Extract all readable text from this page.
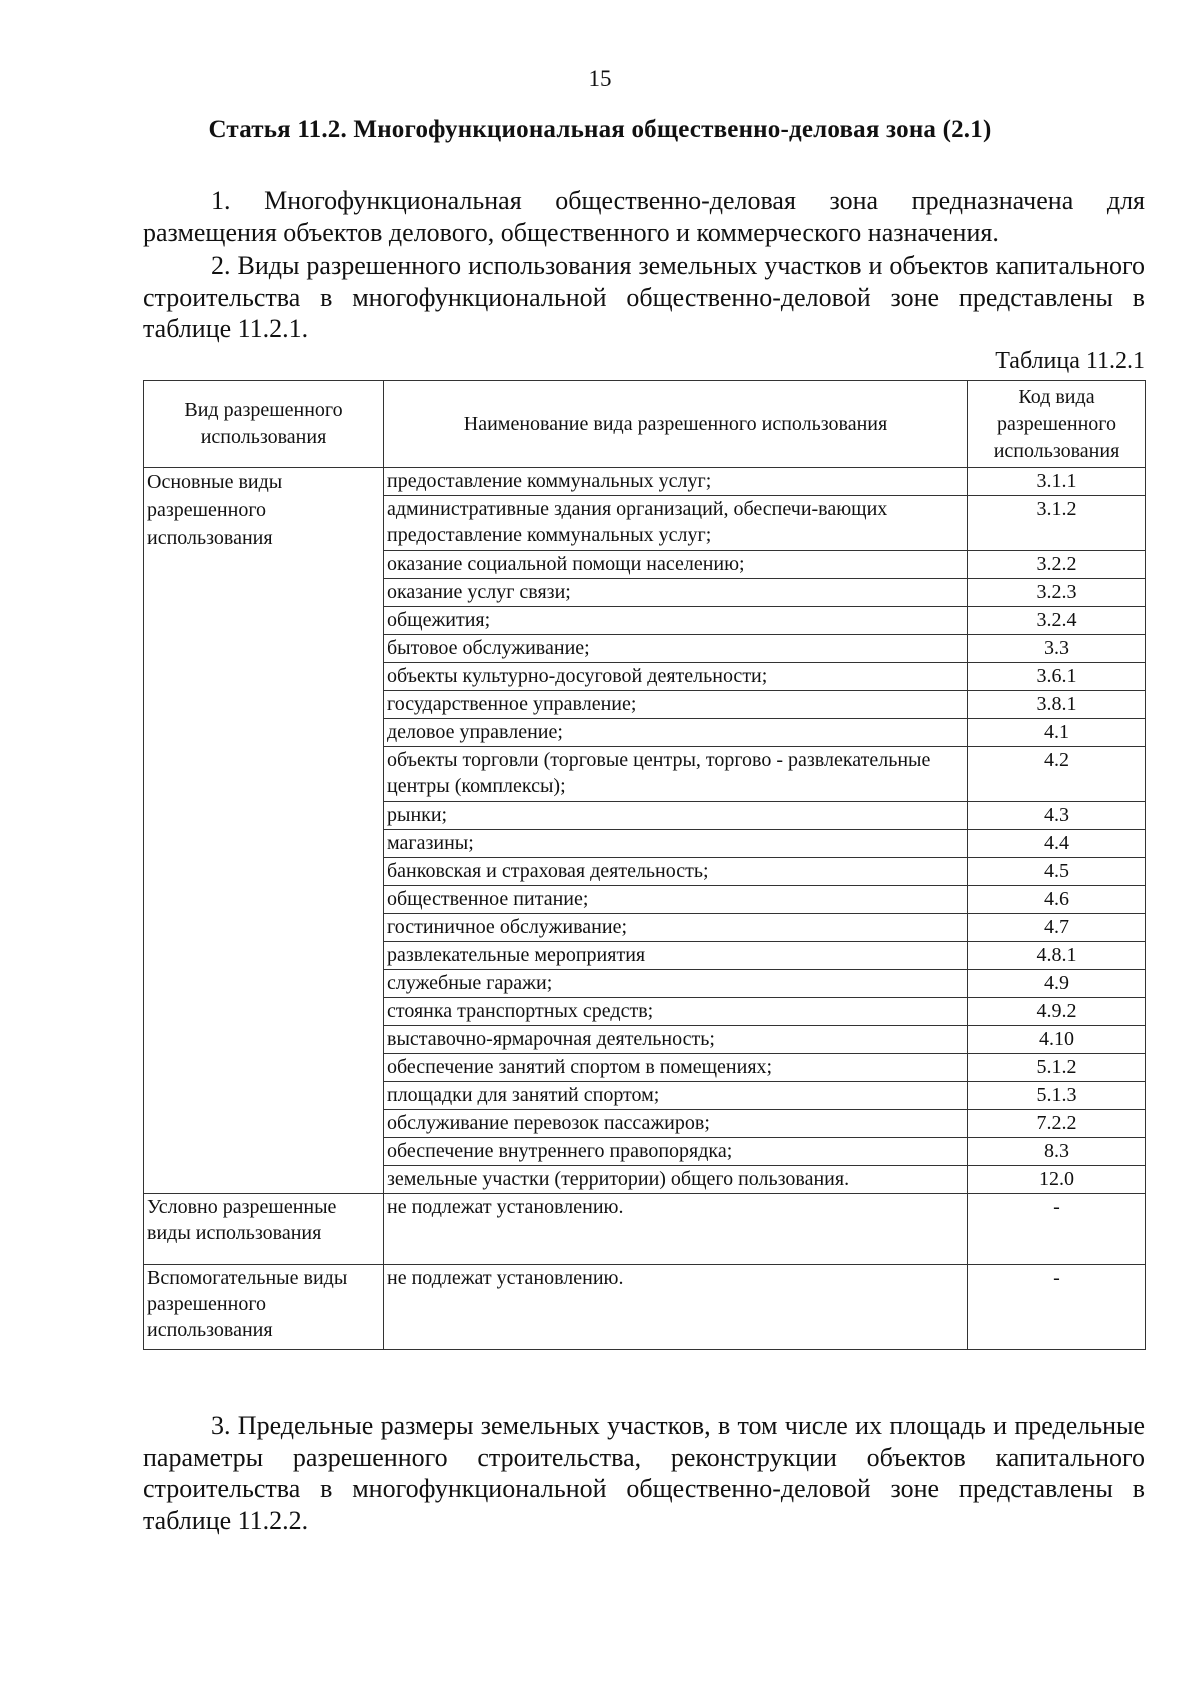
15
Статья 11.2. Многофункциональная общественно-деловая зона (2.1)
1. Многофункциональная общественно-деловая зона предназначена для размещения объектов делового, общественного и коммерческого назначения.
2. Виды разрешенного использования земельных участков и объектов капитального строительства в многофункциональной общественно-деловой зоне представлены в таблице 11.2.1.
Таблица 11.2.1
Вид разрешенного использования	Наименование вида разрешенного использования	Код вида разрешенного использования
Основные виды разрешенного использования	предоставление коммунальных услуг;	3.1.1
	административные здания организаций, обеспечи-вающих предоставление коммунальных услуг;	3.1.2
	оказание социальной помощи населению;	3.2.2
	оказание услуг связи;	3.2.3
	общежития;	3.2.4
	бытовое обслуживание;	3.3
	объекты культурно-досуговой деятельности;	3.6.1
	государственное управление;	3.8.1
	деловое управление;	4.1
	объекты торговли (торговые центры, торгово - развлекательные центры (комплексы);	4.2
	рынки;	4.3
	магазины;	4.4
	банковская и страховая деятельность;	4.5
	общественное питание;	4.6
	гостиничное обслуживание;	4.7
	развлекательные мероприятия	4.8.1
	служебные гаражи;	4.9
	стоянка транспортных средств;	4.9.2
	выставочно-ярмарочная деятельность;	4.10
	обеспечение занятий спортом в помещениях;	5.1.2
	площадки для занятий спортом;	5.1.3
	обслуживание перевозок пассажиров;	7.2.2
	обеспечение внутреннего правопорядка;	8.3
	земельные участки (территории) общего пользования.	12.0
Условно разрешенные виды использования	не подлежат установлению.	-
Вспомогательные виды разрешенного использования	не подлежат установлению.	-
3. Предельные размеры земельных участков, в том числе их площадь и предельные параметры разрешенного строительства, реконструкции объектов капитального строительства в многофункциональной общественно-деловой зоне представлены в таблице 11.2.2.
